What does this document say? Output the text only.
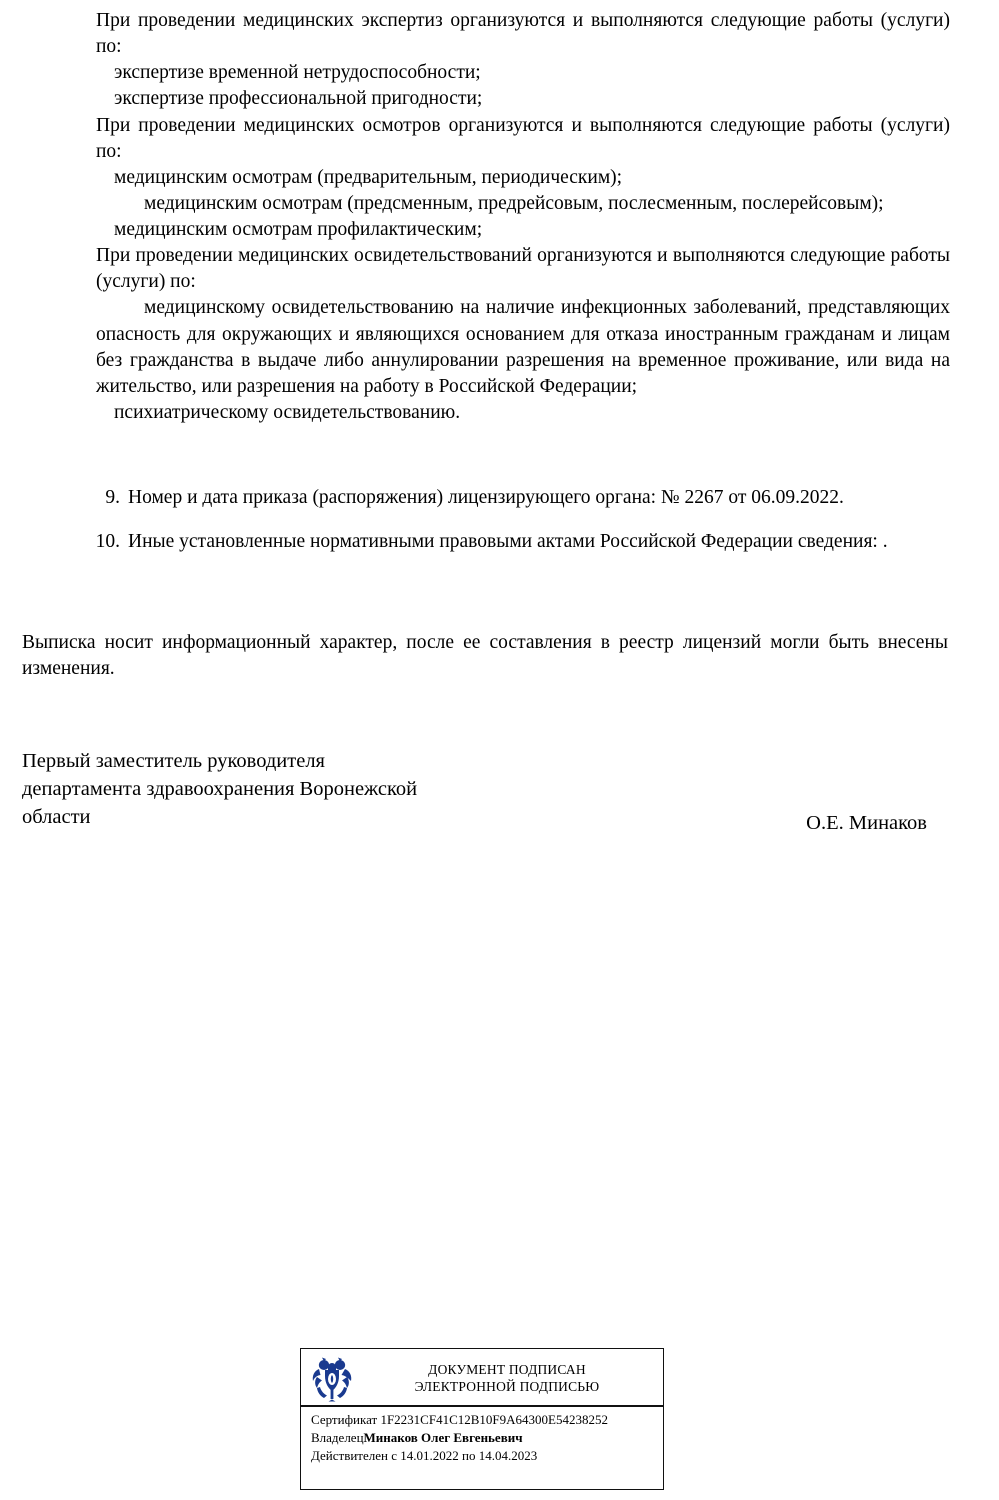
При проведении медицинских экспертиз организуются и выполняются следующие работы (услуги) по:
экспертизе временной нетрудоспособности;
экспертизе профессиональной пригодности;
При проведении медицинских осмотров организуются и выполняются следующие работы (услуги) по:
медицинским осмотрам (предварительным, периодическим);
медицинским осмотрам (предсменным, предрейсовым, послесменным, послерейсовым);
медицинским осмотрам профилактическим;
При проведении медицинских освидетельствований организуются и выполняются следующие работы (услуги) по:
медицинскому освидетельствованию на наличие инфекционных заболеваний, представляющих опасность для окружающих и являющихся основанием для отказа иностранным гражданам и лицам без гражданства в выдаче либо аннулировании разрешения на временное проживание, или вида на жительство, или разрешения на работу в Российской Федерации;
психиатрическому освидетельствованию.
9. Номер и дата приказа (распоряжения) лицензирующего органа: № 2267 от 06.09.2022.
10. Иные установленные нормативными правовыми актами Российской Федерации сведения: .
Выписка носит информационный характер, после ее составления в реестр лицензий могли быть внесены изменения.
Первый заместитель руководителя
департамента здравоохранения Воронежской
области	О.Е. Минаков
ДОКУМЕНТ ПОДПИСАН
ЭЛЕКТРОННОЙ ПОДПИСЬЮ
Сертификат 1F2231CF41C12B10F9A64300E54238252
ВладелецМинаков Олег Евгеньевич
Действителен с 14.01.2022 по 14.04.2023
